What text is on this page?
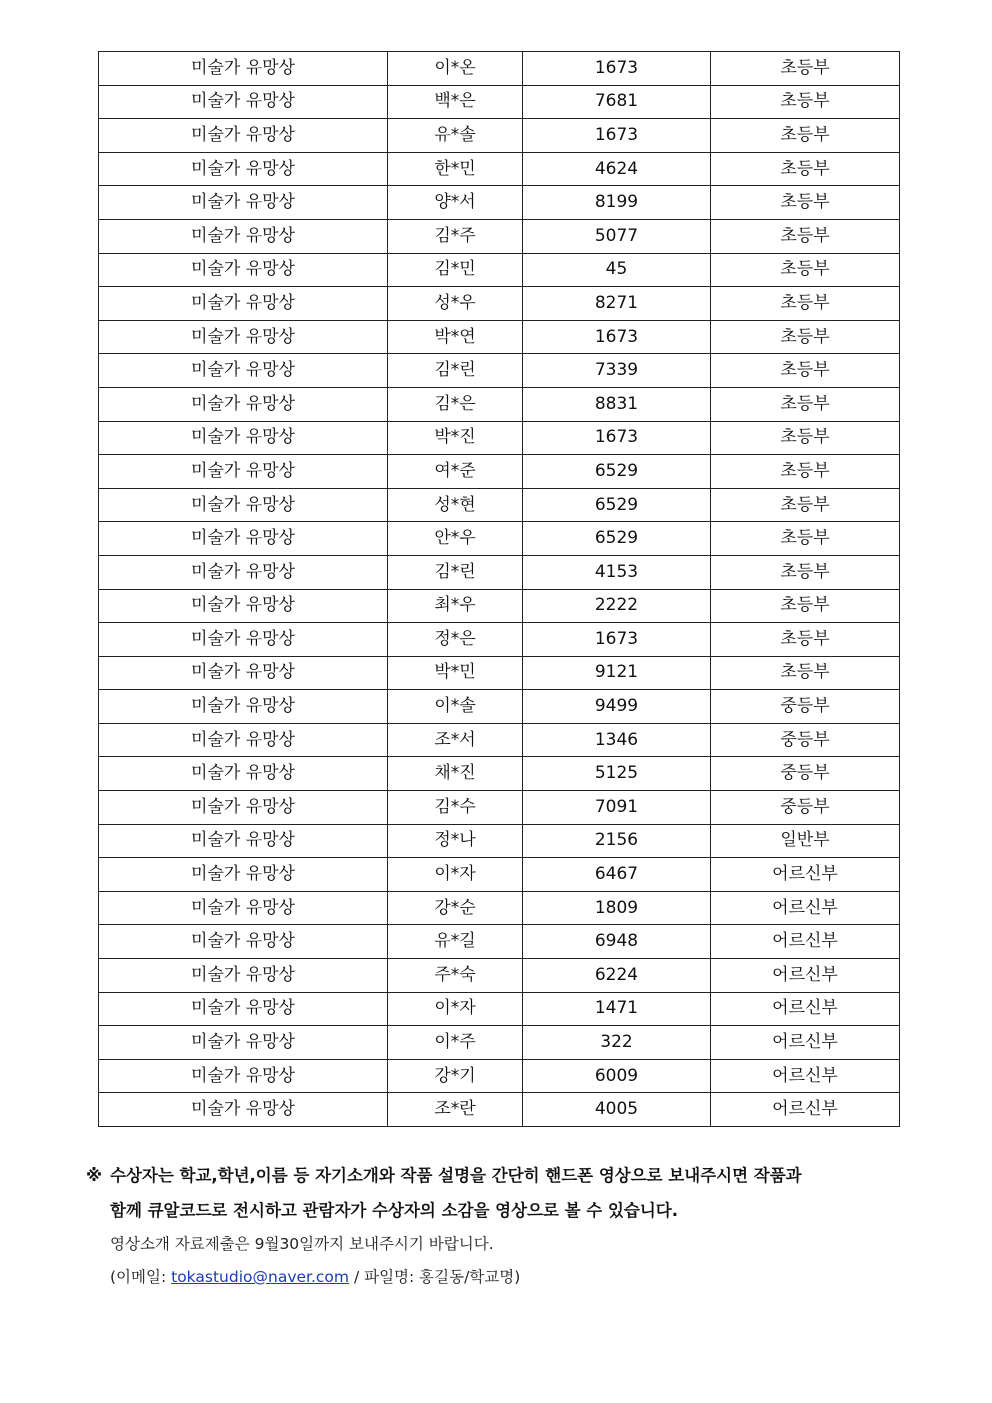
미술가 유망상	이*온	1673	초등부
미술가 유망상	백*은	7681	초등부
미술가 유망상	유*솔	1673	초등부
미술가 유망상	한*민	4624	초등부
미술가 유망상	양*서	8199	초등부
미술가 유망상	김*주	5077	초등부
미술가 유망상	김*민	45	초등부
미술가 유망상	성*우	8271	초등부
미술가 유망상	박*연	1673	초등부
미술가 유망상	김*린	7339	초등부
미술가 유망상	김*은	8831	초등부
미술가 유망상	박*진	1673	초등부
미술가 유망상	여*준	6529	초등부
미술가 유망상	성*현	6529	초등부
미술가 유망상	안*우	6529	초등부
미술가 유망상	김*린	4153	초등부
미술가 유망상	최*우	2222	초등부
미술가 유망상	정*은	1673	초등부
미술가 유망상	박*민	9121	초등부
미술가 유망상	이*솔	9499	중등부
미술가 유망상	조*서	1346	중등부
미술가 유망상	채*진	5125	중등부
미술가 유망상	김*수	7091	중등부
미술가 유망상	정*나	2156	일반부
미술가 유망상	이*자	6467	어르신부
미술가 유망상	강*순	1809	어르신부
미술가 유망상	유*길	6948	어르신부
미술가 유망상	주*숙	6224	어르신부
미술가 유망상	이*자	1471	어르신부
미술가 유망상	이*주	322	어르신부
미술가 유망상	강*기	6009	어르신부
미술가 유망상	조*란	4005	어르신부
※ 수상자는 학교,학년,이름 등 자기소개와 작품 설명을 간단히 핸드폰 영상으로 보내주시면 작품과
함께 큐알코드로 전시하고 관람자가 수상자의 소감을 영상으로 볼 수 있습니다.
영상소개 자료제출은 9월30일까지 보내주시기 바랍니다.
(이메일: tokastudio@naver.com / 파일명: 홍길동/학교명)
